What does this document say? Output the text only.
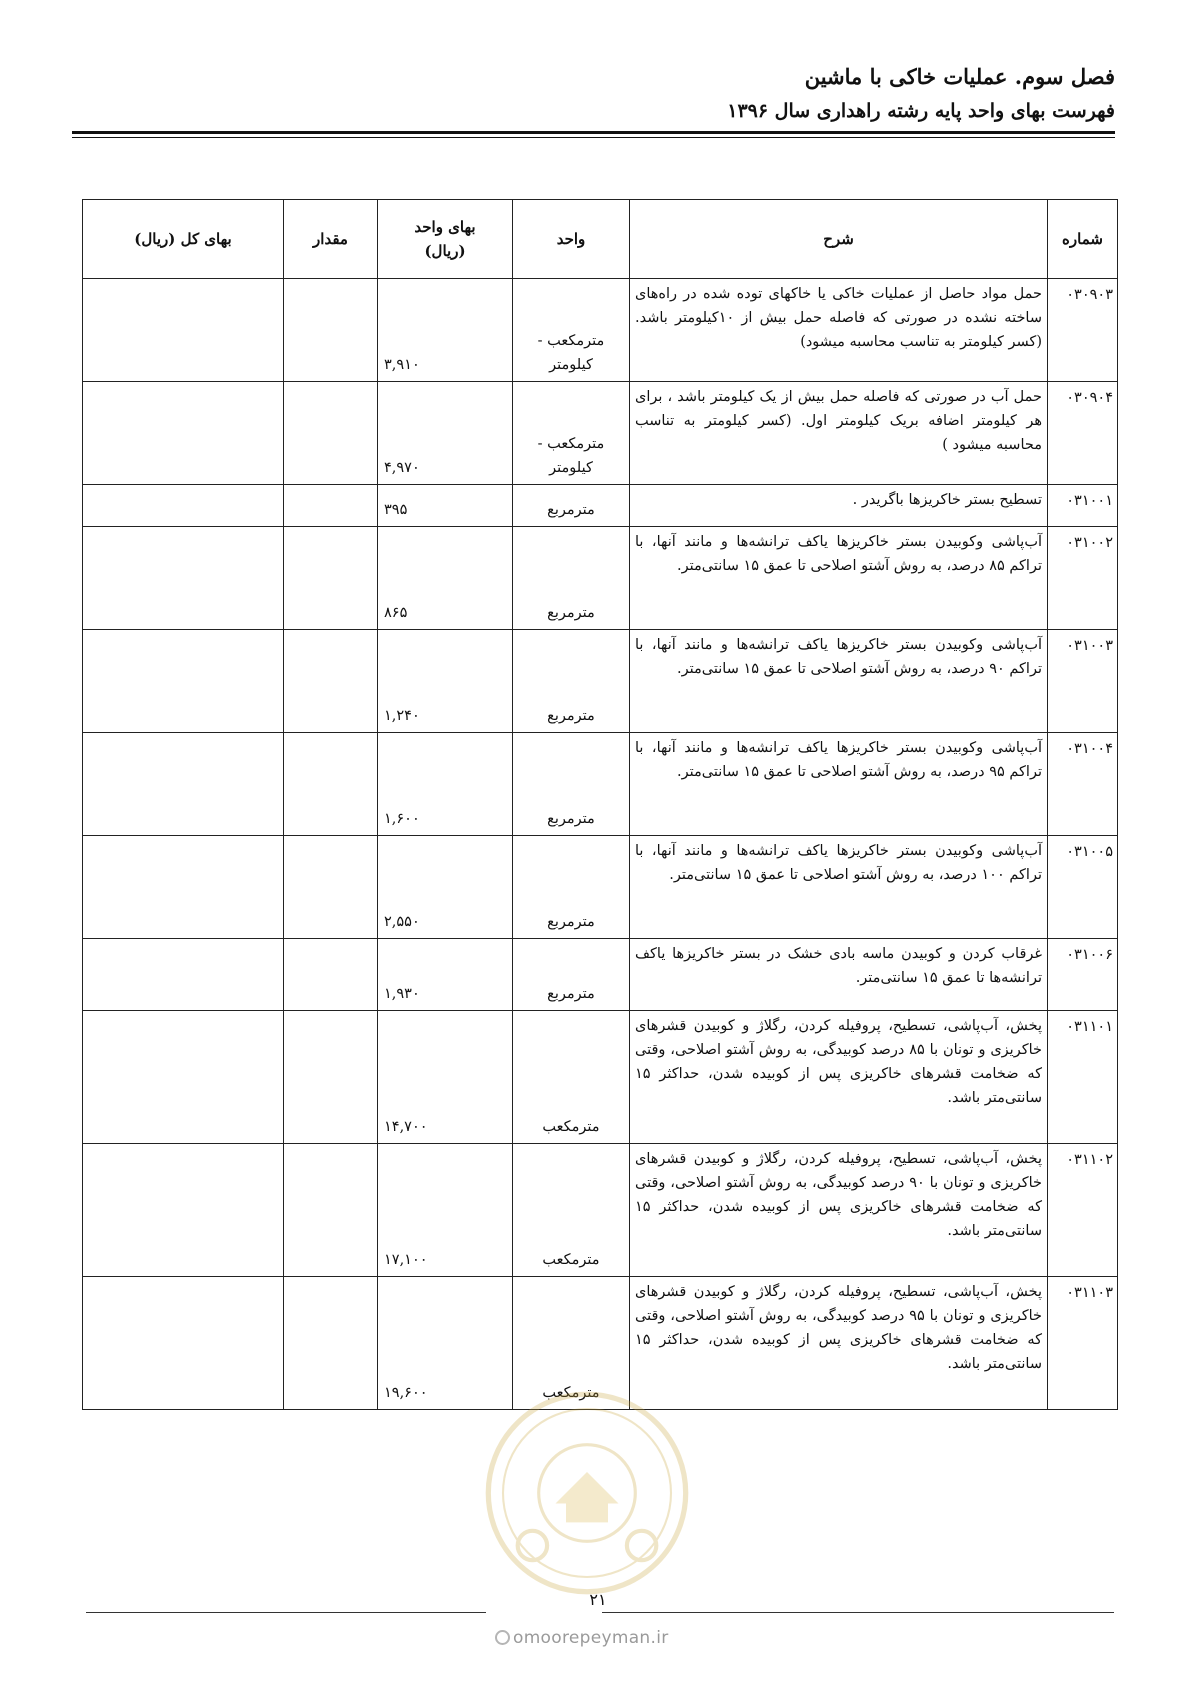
فصل سوم. عملیات خاکی با ماشین
فهرست بهای واحد پایه رشته راهداری سال ۱۳۹۶
شماره	شرح	واحد	بهای واحد (ریال)	مقدار	بهای کل (ریال)
۰۳۰۹۰۳	حمل مواد حاصل از عملیات خاکی یا خاکهای توده شده در راه‌های ساخته نشده در صورتی که فاصله حمل بیش از ۱۰کیلومتر باشد. (کسر کیلومتر به تناسب محاسبه میشود)	مترمکعب - کیلومتر	۳,۹۱۰		
۰۳۰۹۰۴	حمل آب در صورتی که فاصله حمل بیش از یک کیلومتر باشد ، برای هر کیلومتر اضافه بریک کیلومتر اول. (کسر کیلومتر به تناسب محاسبه میشود )	مترمکعب - کیلومتر	۴,۹۷۰		
۰۳۱۰۰۱	تسطیح بستر خاکریزها باگریدر .	مترمربع	۳۹۵		
۰۳۱۰۰۲	آب‌پاشی وکوبیدن بستر خاکریزها یاکف ترانشه‌ها و مانند آنها، با تراکم ۸۵ درصد، به روش آشتو اصلاحی تا عمق ۱۵ سانتی‌متر.	مترمربع	۸۶۵		
۰۳۱۰۰۳	آب‌پاشی وکوبیدن بستر خاکریزها یاکف ترانشه‌ها و مانند آنها، با تراکم ۹۰ درصد، به روش آشتو اصلاحی تا عمق ۱۵ سانتی‌متر.	مترمربع	۱,۲۴۰		
۰۳۱۰۰۴	آب‌پاشی وکوبیدن بستر خاکریزها یاکف ترانشه‌ها و مانند آنها، با تراکم ۹۵ درصد، به روش آشتو اصلاحی تا عمق ۱۵ سانتی‌متر.	مترمربع	۱,۶۰۰		
۰۳۱۰۰۵	آب‌پاشی وکوبیدن بستر خاکریزها یاکف ترانشه‌ها و مانند آنها، با تراکم ۱۰۰ درصد، به روش آشتو اصلاحی تا عمق ۱۵ سانتی‌متر.	مترمربع	۲,۵۵۰		
۰۳۱۰۰۶	غرقاب کردن و کوبیدن ماسه بادی خشک در بستر خاکریزها یاکف ترانشه‌ها تا عمق ۱۵ سانتی‌متر.	مترمربع	۱,۹۳۰		
۰۳۱۱۰۱	پخش، آب‌پاشی، تسطیح، پروفیله کردن، رگلاژ و کوبیدن قشرهای خاکریزی و تونان با ۸۵ درصد کوبیدگی، به روش آشتو اصلاحی، وقتی که ضخامت قشرهای خاکریزی پس از کوبیده شدن، حداکثر ۱۵ سانتی‌متر باشد.	مترمکعب	۱۴,۷۰۰		
۰۳۱۱۰۲	پخش، آب‌پاشی، تسطیح، پروفیله کردن، رگلاژ و کوبیدن قشرهای خاکریزی و تونان با ۹۰ درصد کوبیدگی، به روش آشتو اصلاحی، وقتی که ضخامت قشرهای خاکریزی پس از کوبیده شدن، حداکثر ۱۵ سانتی‌متر باشد.	مترمکعب	۱۷,۱۰۰		
۰۳۱۱۰۳	پخش، آب‌پاشی، تسطیح، پروفیله کردن، رگلاژ و کوبیدن قشرهای خاکریزی و تونان با ۹۵ درصد کوبیدگی، به روش آشتو اصلاحی، وقتی که ضخامت قشرهای خاکریزی پس از کوبیده شدن، حداکثر ۱۵ سانتی‌متر باشد.	مترمکعب	۱۹,۶۰۰		
۲۱
omoorepeyman.ir
